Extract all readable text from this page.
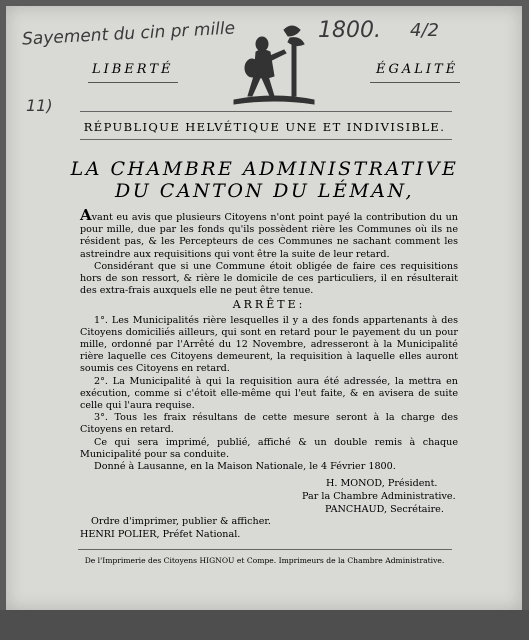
Sayement du cin pr mille	1800. 4/2
11)
LIBERTÉ	ÉGALITÉ
RÉPUBLIQUE HELVÉTIQUE UNE ET INDIVISIBLE.
LA CHAMBRE ADMINISTRATIVE
DU CANTON DU LÉMAN,

Avant eu avis que plusieurs Citoyens n'ont point payé la contribution du un pour mille, due par les fonds qu'ils possèdent rière les Communes où ils ne résident pas, & les Percepteurs de ces Communes ne sachant comment les astreindre aux requisitions qui vont être la suite de leur retard.

Considérant que si une Commune étoit obligée de faire ces requisitions hors de son ressort, & rière le domicile de ces particuliers, il en résulterait des extra-frais auxquels elle ne peut être tenue.

ARRÊTE:

1°. Les Municipalités rière lesquelles il y a des fonds appartenants à des Citoyens domiciliés ailleurs, qui sont en retard pour le payement du un pour mille, ordonné par l'Arrêté du 12 Novembre, adresseront à la Municipalité rière laquelle ces Citoyens demeurent, la requisition à laquelle elles auront soumis ces Citoyens en retard.

2°. La Municipalité à qui la requisition aura été adressée, la mettra en exécution, comme si c'étoit elle-même qui l'eut faite, & en avisera de suite celle qui l'aura requise.

3°. Tous les fraix résultans de cette mesure seront à la charge des Citoyens en retard.

Ce qui sera imprimé, publié, affiché & un double remis à chaque Municipalité pour sa conduite.

Donné à Lausanne, en la Maison Nationale, le 4 Février 1800.

H. MONOD, Président.
Par la Chambre Administrative.
PANCHAUD, Secrétaire.
Ordre d'imprimer, publier & afficher.
HENRI POLIER, Préfet National.
De l'Imprimerie des Citoyens HIGNOU et Compe. Imprimeurs de la Chambre Administrative.
